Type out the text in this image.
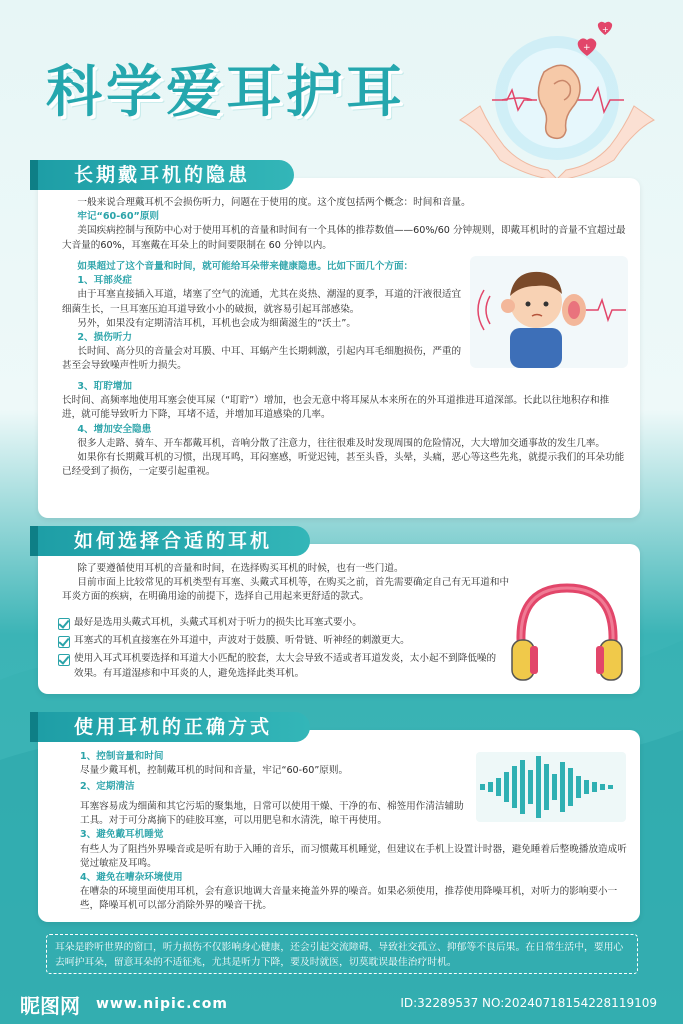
科学爱耳护耳
+
+
长期戴耳机的隐患

一般来说合理戴耳机不会损伤听力，问题在于使用的度。这个度包括两个概念：时间和音量。

牢记“60-60”原则

美国疾病控制与预防中心对于使用耳机的音量和时间有一个具体的推荐数值——60%/60 分钟规则，即戴耳机时的音量不宜超过最大音量的60%，耳塞戴在耳朵上的时间要限制在 60 分钟以内。

如果超过了这个音量和时间，就可能给耳朵带来健康隐患。比如下面几个方面：

1、耳部炎症

由于耳塞直接插入耳道，堵塞了空气的流通，尤其在炎热、潮湿的夏季，耳道的汗液很适宜细菌生长，一旦耳塞压迫耳道导致小小的破损，就容易引起耳部感染。

另外，如果没有定期清洁耳机，耳机也会成为细菌滋生的“沃土”。

2、损伤听力

长时间、高分贝的音量会对耳膜、中耳、耳蜗产生长期刺激，引起内耳毛细胞损伤，严重的甚至会导致噪声性听力损失。

3、耵聍增加

长时间、高频率地使用耳塞会使耳屎（“耵聍”）增加，也会无意中将耳屎从本来所在的外耳道推进耳道深部。长此以往地积存和推进，就可能导致听力下降，耳堵不适，并增加耳道感染的几率。

4、增加安全隐患

很多人走路、骑车、开车都戴耳机，音响分散了注意力，往往很难及时发现周围的危险情况，大大增加交通事故的发生几率。

如果你有长期戴耳机的习惯，出现耳鸣，耳闷塞感，听觉迟钝，甚至头昏，头晕，头痛，恶心等这些先兆，就提示我们的耳朵功能已经受到了损伤，一定要引起重视。

如何选择合适的耳机

除了要遵循使用耳机的音量和时间，在选择购买耳机的时候，也有一些门道。

目前市面上比较常见的耳机类型有耳塞、头戴式耳机等，在购买之前，首先需要确定自己有无耳道和中耳炎方面的疾病，在明确用途的前提下，选择自己用起来更舒适的款式。

最好是选用头戴式耳机，头戴式耳机对于听力的损失比耳塞式要小。

耳塞式的耳机直接塞在外耳道中，声波对于鼓膜、听骨链、听神经的刺激更大。

使用入耳式耳机要选择和耳道大小匹配的胶套，太大会导致不适或者耳道发炎，太小起不到降低噪的效果。有耳道湿疹和中耳炎的人，避免选择此类耳机。

使用耳机的正确方式

1、控制音量和时间

尽量少戴耳机，控制戴耳机的时间和音量，牢记“60-60”原则。

2、定期清洁

耳塞容易成为细菌和其它污垢的聚集地，日常可以使用干燥、干净的布、棉签用作清洁辅助工具。对于可分离摘下的硅胶耳塞，可以用肥皂和水清洗，晾干再使用。

3、避免戴耳机睡觉

有些人为了阻挡外界噪音或是听有助于入睡的音乐，而习惯戴耳机睡觉，但建议在手机上设置计时器，避免睡着后整晚播放造成听觉过敏症及耳鸣。

4、避免在嘈杂环境使用

在嘈杂的环境里面使用耳机，会有意识地调大音量来掩盖外界的噪音。如果必须使用，推荐使用降噪耳机，对听力的影响要小一些，降噪耳机可以部分消除外界的噪音干扰。

耳朵是聆听世界的窗口，听力损伤不仅影响身心健康，还会引起交流障碍、导致社交孤立、抑郁等不良后果。在日常生活中，要用心去呵护耳朵，留意耳朵的不适征兆，尤其是听力下降，要及时就医，切莫耽误最佳治疗时机。
昵图网 www.nipic.com	ID:32289537 NO:20240718154228119109
